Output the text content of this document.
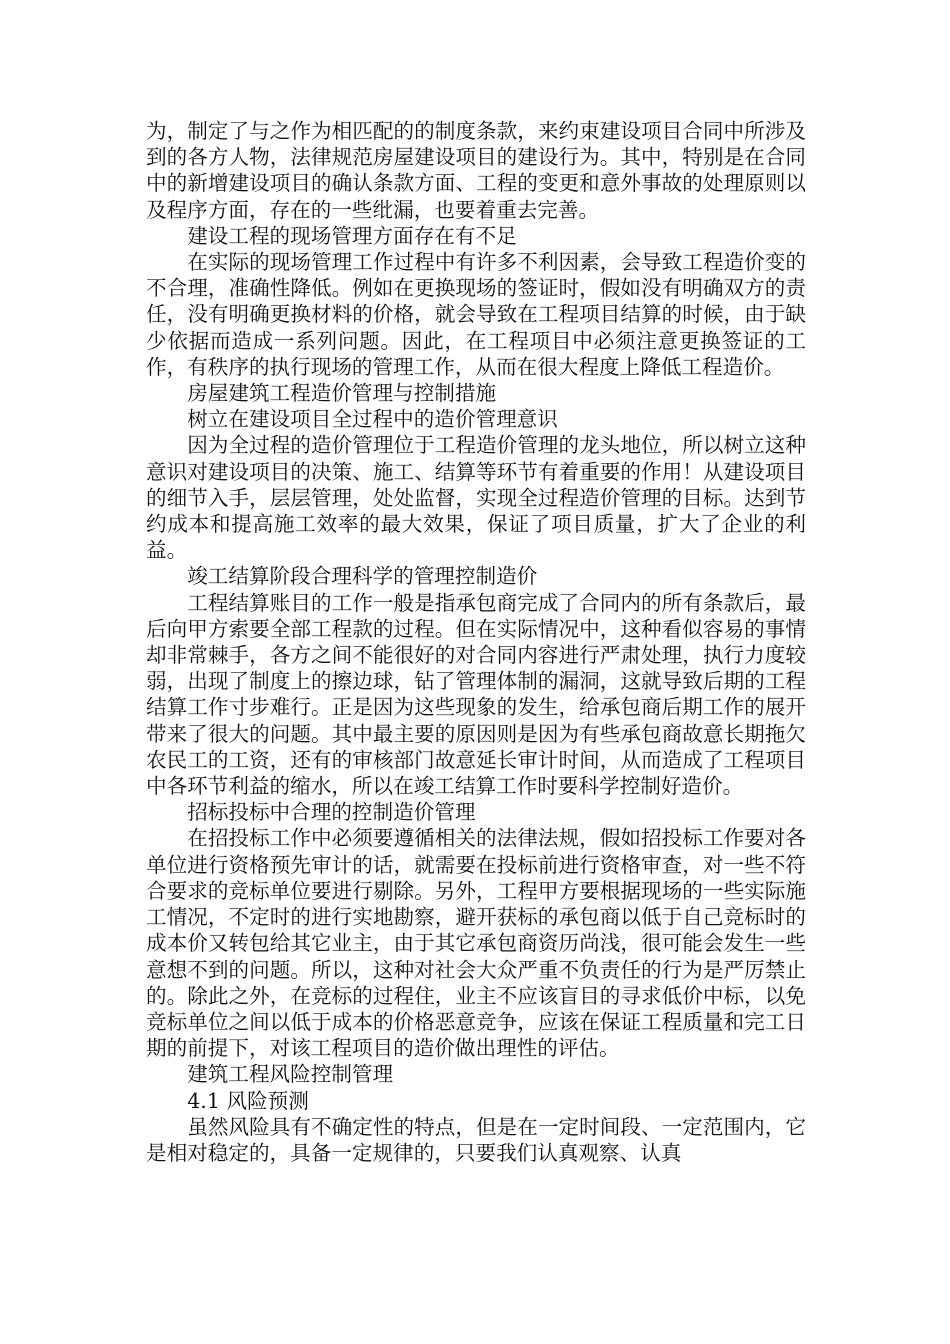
为，制定了与之作为相匹配的的制度条款，来约束建设项目合同中所涉及到的各方人物，法律规范房屋建设项目的建设行为。其中，特别是在合同中的新增建设项目的确认条款方面、工程的变更和意外事故的处理原则以及程序方面，存在的一些纰漏，也要着重去完善。

建设工程的现场管理方面存在有不足

在实际的现场管理工作过程中有许多不利因素，会导致工程造价变的不合理，准确性降低。例如在更换现场的签证时，假如没有明确双方的责任，没有明确更换材料的价格，就会导致在工程项目结算的时候，由于缺少依据而造成一系列问题。因此，在工程项目中必须注意更换签证的工作，有秩序的执行现场的管理工作，从而在很大程度上降低工程造价。

房屋建筑工程造价管理与控制措施

树立在建设项目全过程中的造价管理意识

因为全过程的造价管理位于工程造价管理的龙头地位，所以树立这种意识对建设项目的决策、施工、结算等环节有着重要的作用！从建设项目的细节入手，层层管理，处处监督，实现全过程造价管理的目标。达到节约成本和提高施工效率的最大效果，保证了项目质量，扩大了企业的利益。

竣工结算阶段合理科学的管理控制造价

工程结算账目的工作一般是指承包商完成了合同内的所有条款后，最后向甲方索要全部工程款的过程。但在实际情况中，这种看似容易的事情却非常棘手，各方之间不能很好的对合同内容进行严肃处理，执行力度较弱，出现了制度上的擦边球，钻了管理体制的漏洞，这就导致后期的工程结算工作寸步难行。正是因为这些现象的发生，给承包商后期工作的展开带来了很大的问题。其中最主要的原因则是因为有些承包商故意长期拖欠农民工的工资，还有的审核部门故意延长审计时间，从而造成了工程项目中各环节利益的缩水，所以在竣工结算工作时要科学控制好造价。

招标投标中合理的控制造价管理

在招投标工作中必须要遵循相关的法律法规，假如招投标工作要对各单位进行资格预先审计的话，就需要在投标前进行资格审查，对一些不符合要求的竞标单位要进行剔除。另外，工程甲方要根据现场的一些实际施工情况，不定时的进行实地勘察，避开获标的承包商以低于自己竞标时的成本价又转包给其它业主，由于其它承包商资历尚浅，很可能会发生一些意想不到的问题。所以，这种对社会大众严重不负责任的行为是严厉禁止的。除此之外，在竞标的过程住，业主不应该盲目的寻求低价中标，以免竞标单位之间以低于成本的价格恶意竞争，应该在保证工程质量和完工日期的前提下，对该工程项目的造价做出理性的评估。

建筑工程风险控制管理

4.1 风险预测

虽然风险具有不确定性的特点，但是在一定时间段、一定范围内，它是相对稳定的，具备一定规律的，只要我们认真观察、认真
